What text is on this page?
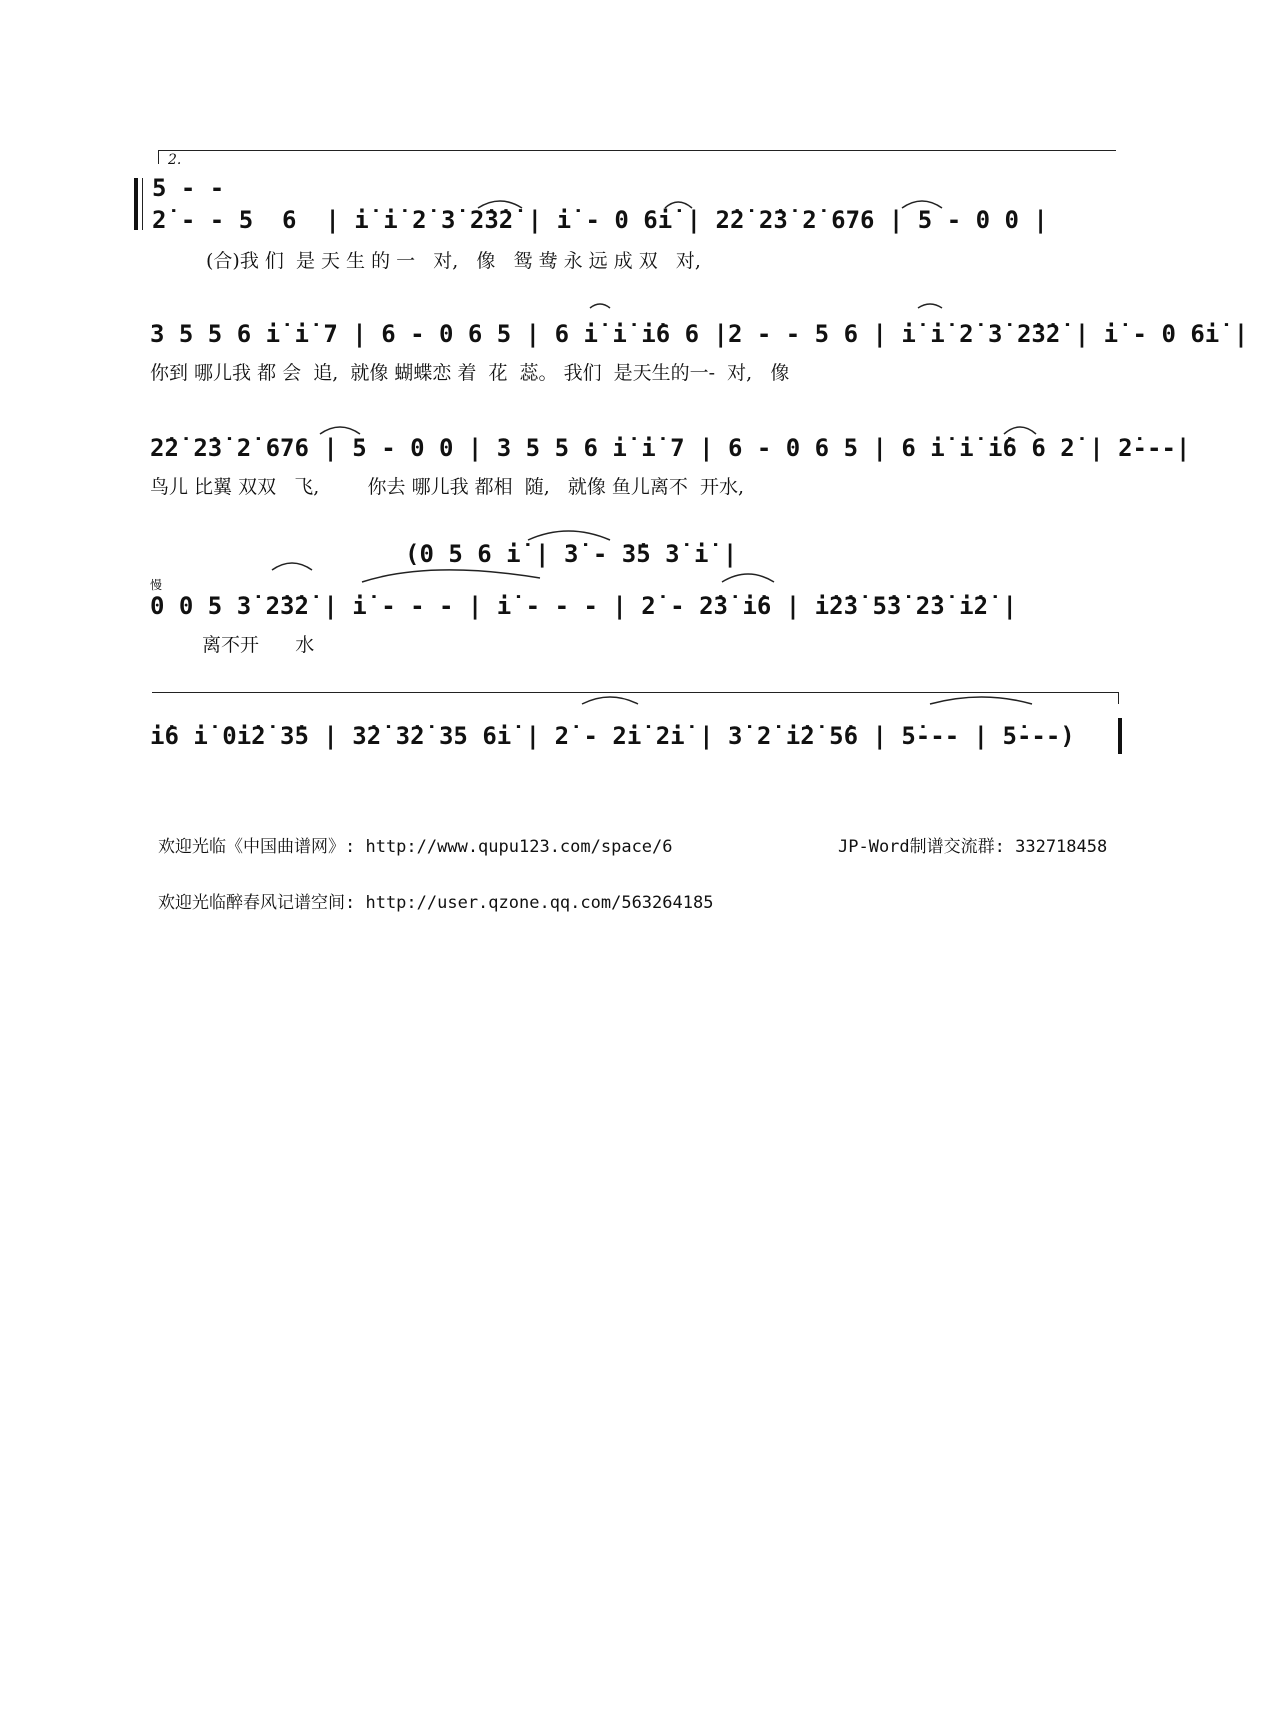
2.
5 - -
2̇ - - 5  6  | i̇ i̇ 2̇ 3̇ 2̇3̇2̇ | i̇ - 0 6i̇ | 2̇2̇ 2̇3̇ 2̇ 676 | 5 - 0 0 |
(合)我 们  是 天 生 的 一   对,   像   鸳 鸯 永 远 成 双   对,
3 5 5 6 i̇ i̇ 7 | 6 - 0 6 5 | 6 i̇ i̇ i̇6 6 |2 - - 5 6 | i̇ i̇ 2̇ 3̇ 2̇3̇2̇ | i̇ - 0 6i̇ |
你到 哪儿我 都 会  追,  就像 蝴蝶恋 着  花  蕊。 我们  是天生的一-  对,   像
2̇2̇ 2̇3̇ 2̇ 676 | 5 - 0 0 | 3 5 5 6 i̇ i̇ 7 | 6 - 0 6 5 | 6 i̇ i̇ i̇6 6 2̇ | 2̇---|
鸟儿 比翼 双双   飞,        你去 哪儿我 都相  随,   就像 鱼儿离不  开水,
(0 5 6 i̇ | 3̇ - 3̇5 3̇ i̇ |
慢
0 0 5 3̇ 2̇3̇2̇ | i̇ - - - | i̇ - - - | 2̇ - 2̇3̇ i̇6 | i̇2̇3̇ 5̇3̇ 2̇3̇ i̇2̇ |
离不开      水
i̇6 i̇ 0i̇2̇ 3̇5 | 3̇2̇ 3̇2̇ 35 6i̇ | 2̇ - 2̇i̇ 2̇i̇ | 3̇ 2̇ i̇2̇ 5̇6 | 5̇--- | 5̇---)
欢迎光临《中国曲谱网》: http://www.qupu123.com/space/6	JP-Word制谱交流群: 332718458
欢迎光临醉春风记谱空间: http://user.qzone.qq.com/563264185
